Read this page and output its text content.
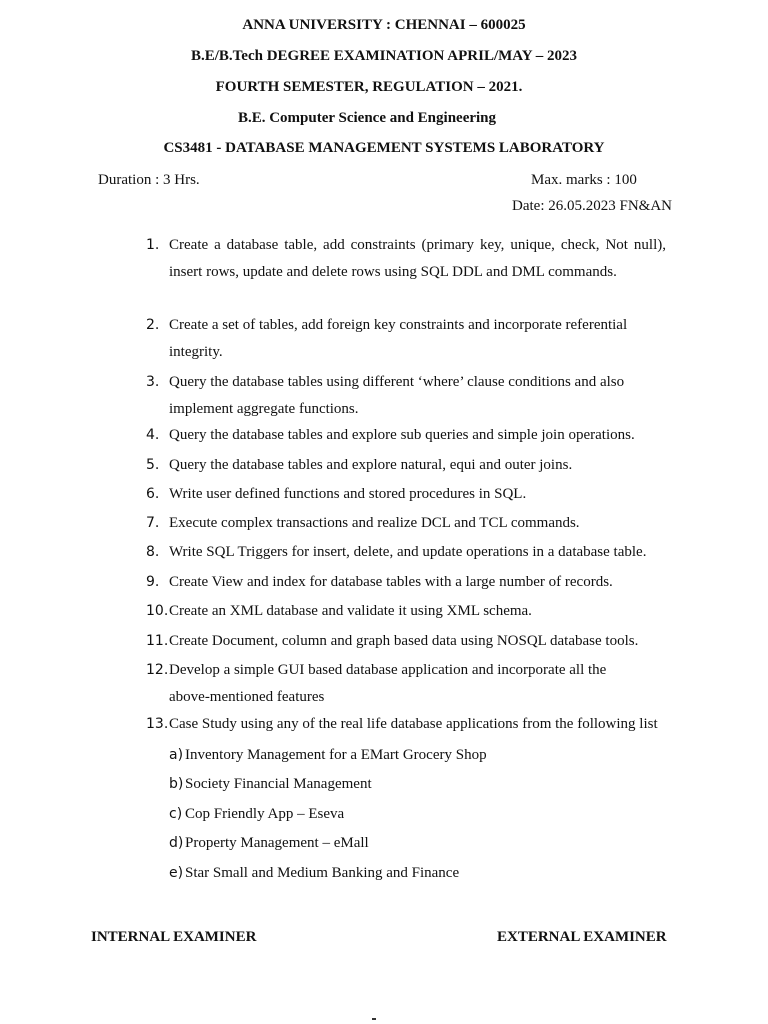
ANNA UNIVERSITY : CHENNAI – 600025
B.E/B.Tech DEGREE EXAMINATION APRIL/MAY – 2023
FOURTH SEMESTER, REGULATION – 2021.
B.E. Computer Science and Engineering
CS3481 - DATABASE MANAGEMENT SYSTEMS LABORATORY
Duration : 3 Hrs.	Max. marks : 100
Date: 26.05.2023 FN&AN
1. Create a database table, add constraints (primary key, unique, check, Not null), insert rows, update and delete rows using SQL DDL and DML commands.
2. Create a set of tables, add foreign key constraints and incorporate referential integrity.
3. Query the database tables using different ‘where’ clause conditions and also implement aggregate functions.
4. Query the database tables and explore sub queries and simple join operations.
5. Query the database tables and explore natural, equi and outer joins.
6. Write user defined functions and stored procedures in SQL.
7. Execute complex transactions and realize DCL and TCL commands.
8. Write SQL Triggers for insert, delete, and update operations in a database table.
9. Create View and index for database tables with a large number of records.
10. Create an XML database and validate it using XML schema.
11. Create Document, column and graph based data using NOSQL database tools.
12. Develop a simple GUI based database application and incorporate all the above-mentioned features
13. Case Study using any of the real life database applications from the following list
a) Inventory Management for a EMart Grocery Shop
b) Society Financial Management
c) Cop Friendly App – Eseva
d) Property Management – eMall
e) Star Small and Medium Banking and Finance
INTERNAL EXAMINER	EXTERNAL EXAMINER
